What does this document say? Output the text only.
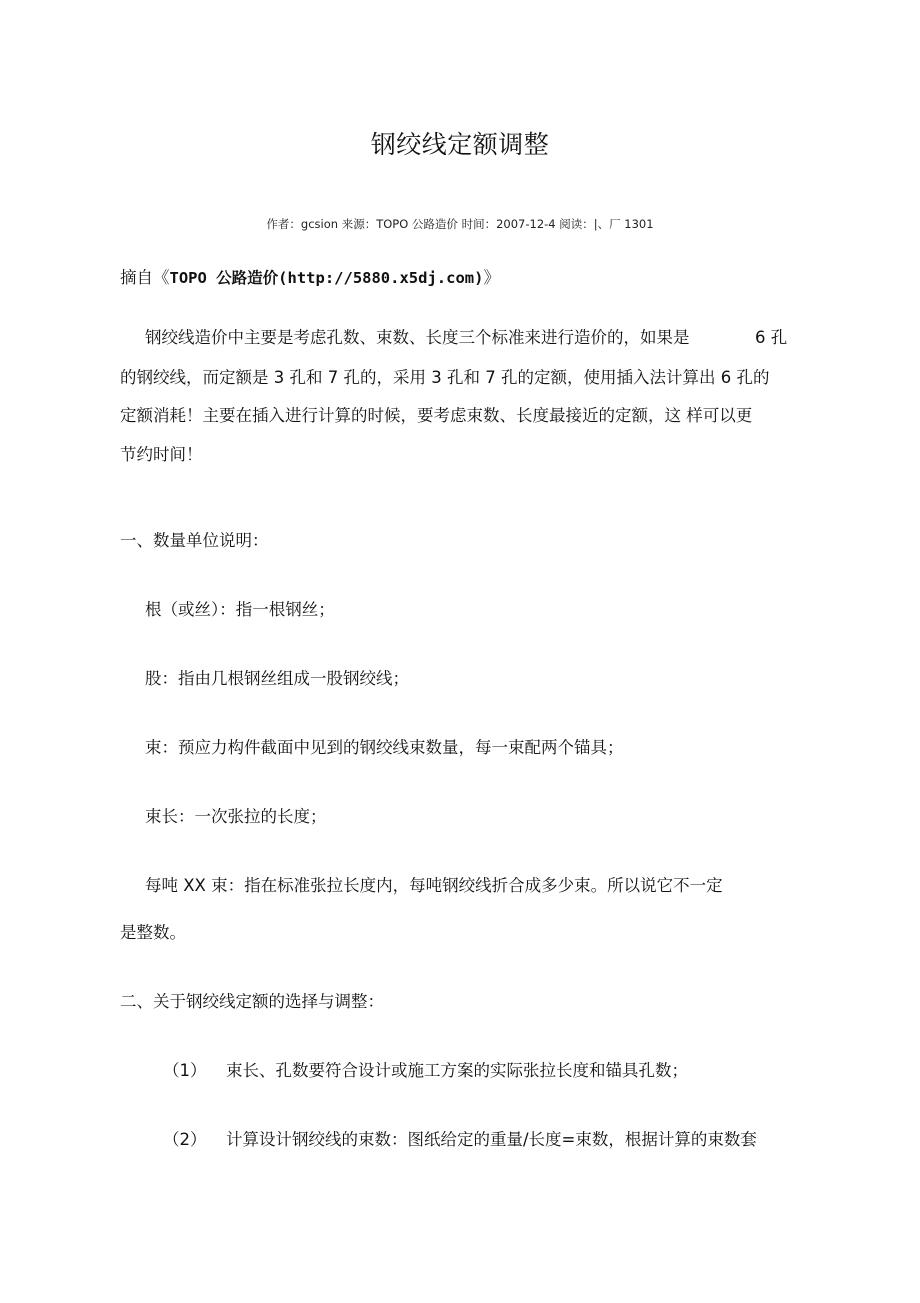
钢绞线定额调整
作者：gcsion 来源：TOPO 公路造价 时间：2007-12-4 阅读：|、厂 1301
摘自《TOPO 公路造价(http://5880.x5dj.com)》
钢绞线造价中主要是考虑孔数、束数、长度三个标准来进行造价的，如果是	6 孔
的钢绞线，而定额是 3 孔和 7 孔的，采用 3 孔和 7 孔的定额，使用插入法计算出 6 孔的
定额消耗！主要在插入进行计算的时候，要考虑束数、长度最接近的定额，这 样可以更
节约时间！
一、数量单位说明：
根（或丝）：指一根钢丝；
股：指由几根钢丝组成一股钢绞线；
束：预应力构件截面中见到的钢绞线束数量，每一束配两个锚具；
束长：一次张拉的长度；
每吨 XX 束：指在标准张拉长度内，每吨钢绞线折合成多少束。所以说它不一定
是整数。
二、关于钢绞线定额的选择与调整：
（1） 束长、孔数要符合设计或施工方案的实际张拉长度和锚具孔数；
（2） 计算设计钢绞线的束数：图纸给定的重量/长度=束数，根据计算的束数套
